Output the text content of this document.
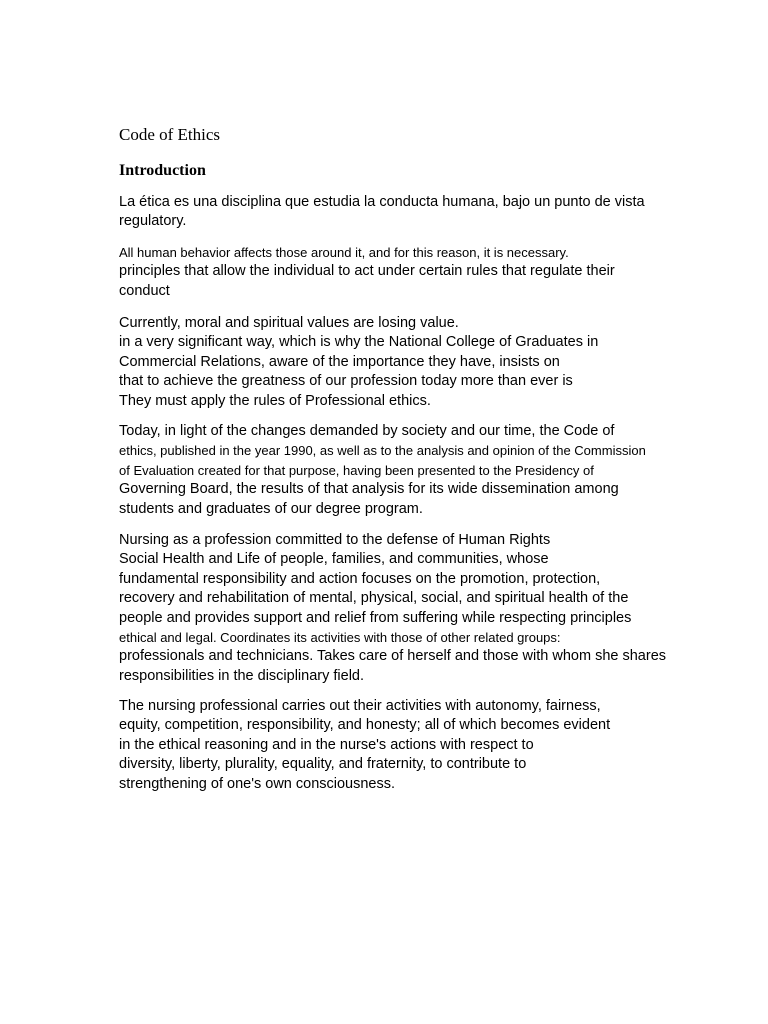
Code of Ethics
Introduction
La ética es una disciplina que estudia la conducta humana, bajo un punto de vista
regulatory.
All human behavior affects those around it, and for this reason, it is necessary.
principles that allow the individual to act under certain rules that regulate their
conduct
Currently, moral and spiritual values are losing value.
in a very significant way, which is why the National College of Graduates in
Commercial Relations, aware of the importance they have, insists on
that to achieve the greatness of our profession today more than ever is
They must apply the rules of Professional ethics.
Today, in light of the changes demanded by society and our time, the Code of
ethics, published in the year 1990, as well as to the analysis and opinion of the Commission
of Evaluation created for that purpose, having been presented to the Presidency of
Governing Board, the results of that analysis for its wide dissemination among
students and graduates of our degree program.
Nursing as a profession committed to the defense of Human Rights
Social Health and Life of people, families, and communities, whose
fundamental responsibility and action focuses on the promotion, protection,
recovery and rehabilitation of mental, physical, social, and spiritual health of the
people and provides support and relief from suffering while respecting principles
ethical and legal. Coordinates its activities with those of other related groups:
professionals and technicians. Takes care of herself and those with whom she shares
responsibilities in the disciplinary field.
The nursing professional carries out their activities with autonomy, fairness,
equity, competition, responsibility, and honesty; all of which becomes evident
in the ethical reasoning and in the nurse's actions with respect to
diversity, liberty, plurality, equality, and fraternity, to contribute to
strengthening of one's own consciousness.
